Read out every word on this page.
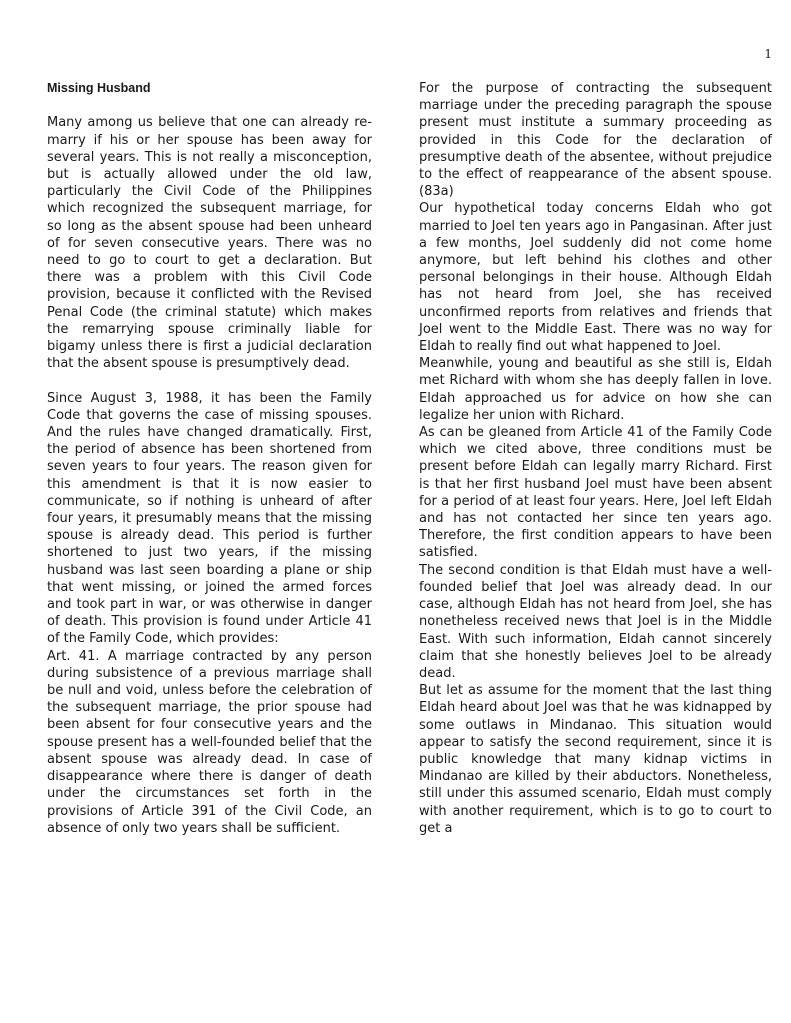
1
Missing Husband

Many among us believe that one can already re-marry if his or her spouse has been away for several years. This is not really a misconception, but is actually allowed under the old law, particularly the Civil Code of the Philippines which recognized the subsequent marriage, for so long as the absent spouse had been unheard of for seven consecutive years. There was no need to go to court to get a declaration. But there was a problem with this Civil Code provision, because it conflicted with the Revised Penal Code (the criminal statute) which makes the remarrying spouse criminally liable for bigamy unless there is first a judicial declaration that the absent spouse is presumptively dead.

Since August 3, 1988, it has been the Family Code that governs the case of missing spouses. And the rules have changed dramatically. First, the period of absence has been shortened from seven years to four years. The reason given for this amendment is that it is now easier to communicate, so if nothing is unheard of after four years, it presumably means that the missing spouse is already dead. This period is further shortened to just two years, if the missing husband was last seen boarding a plane or ship that went missing, or joined the armed forces and took part in war, or was otherwise in danger of death. This provision is found under Article 41 of the Family Code, which provides:

Art. 41. A marriage contracted by any person during subsistence of a previous marriage shall be null and void, unless before the celebration of the subsequent marriage, the prior spouse had been absent for four consecutive years and the spouse present has a well-founded belief that the absent spouse was already dead. In case of disappearance where there is danger of death under the circumstances set forth in the provisions of Article 391 of the Civil Code, an absence of only two years shall be sufficient.

For the purpose of contracting the subsequent marriage under the preceding paragraph the spouse present must institute a summary proceeding as provided in this Code for the declaration of presumptive death of the absentee, without prejudice to the effect of reappearance of the absent spouse. (83a)

Our hypothetical today concerns Eldah who got married to Joel ten years ago in Pangasinan. After just a few months, Joel suddenly did not come home anymore, but left behind his clothes and other personal belongings in their house. Although Eldah has not heard from Joel, she has received unconfirmed reports from relatives and friends that Joel went to the Middle East. There was no way for Eldah to really find out what happened to Joel.

Meanwhile, young and beautiful as she still is, Eldah met Richard with whom she has deeply fallen in love. Eldah approached us for advice on how she can legalize her union with Richard.

As can be gleaned from Article 41 of the Family Code which we cited above, three conditions must be present before Eldah can legally marry Richard. First is that her first husband Joel must have been absent for a period of at least four years. Here, Joel left Eldah and has not contacted her since ten years ago. Therefore, the first condition appears to have been satisfied.

The second condition is that Eldah must have a well-founded belief that Joel was already dead. In our case, although Eldah has not heard from Joel, she has nonetheless received news that Joel is in the Middle East. With such information, Eldah cannot sincerely claim that she honestly believes Joel to be already dead.

But let as assume for the moment that the last thing Eldah heard about Joel was that he was kidnapped by some outlaws in Mindanao. This situation would appear to satisfy the second requirement, since it is public knowledge that many kidnap victims in Mindanao are killed by their abductors. Nonetheless, still under this assumed scenario, Eldah must comply with another requirement, which is to go to court to get a
